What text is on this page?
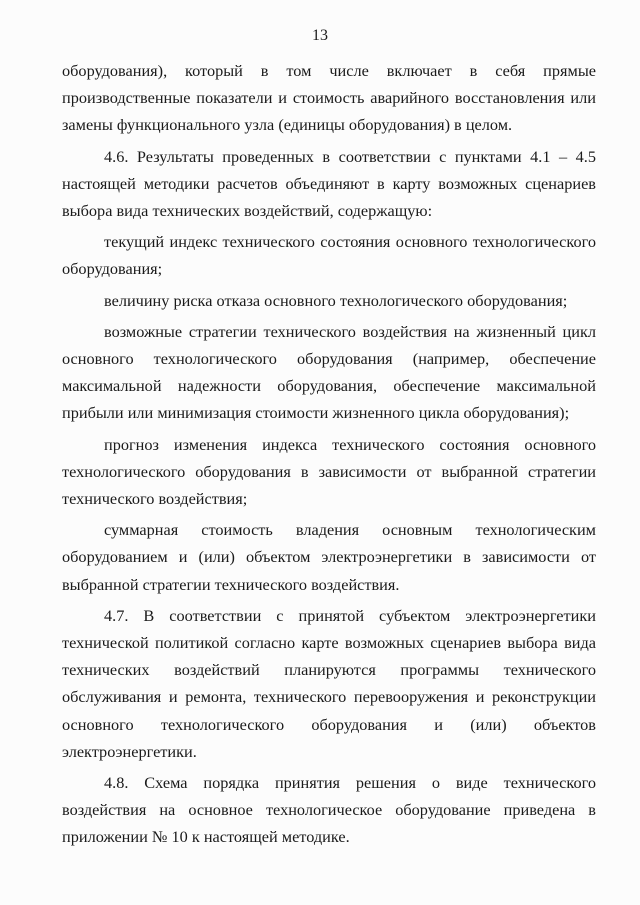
13

оборудования), который в том числе включает в себя прямые производственные показатели и стоимость аварийного восстановления или замены функционального узла (единицы оборудования) в целом.

4.6. Результаты проведенных в соответствии с пунктами 4.1 – 4.5 настоящей методики расчетов объединяют в карту возможных сценариев выбора вида технических воздействий, содержащую:

текущий индекс технического состояния основного технологического оборудования;

величину риска отказа основного технологического оборудования;

возможные стратегии технического воздействия на жизненный цикл основного технологического оборудования (например, обеспечение максимальной надежности оборудования, обеспечение максимальной прибыли или минимизация стоимости жизненного цикла оборудования);

прогноз изменения индекса технического состояния основного технологического оборудования в зависимости от выбранной стратегии технического воздействия;

суммарная стоимость владения основным технологическим оборудованием и (или) объектом электроэнергетики в зависимости от выбранной стратегии технического воздействия.

4.7. В соответствии с принятой субъектом электроэнергетики технической политикой согласно карте возможных сценариев выбора вида технических воздействий планируются программы технического обслуживания и ремонта, технического перевооружения и реконструкции основного технологического оборудования и (или) объектов электроэнергетики.

4.8. Схема порядка принятия решения о виде технического воздействия на основное технологическое оборудование приведена в приложении № 10 к настоящей методике.
